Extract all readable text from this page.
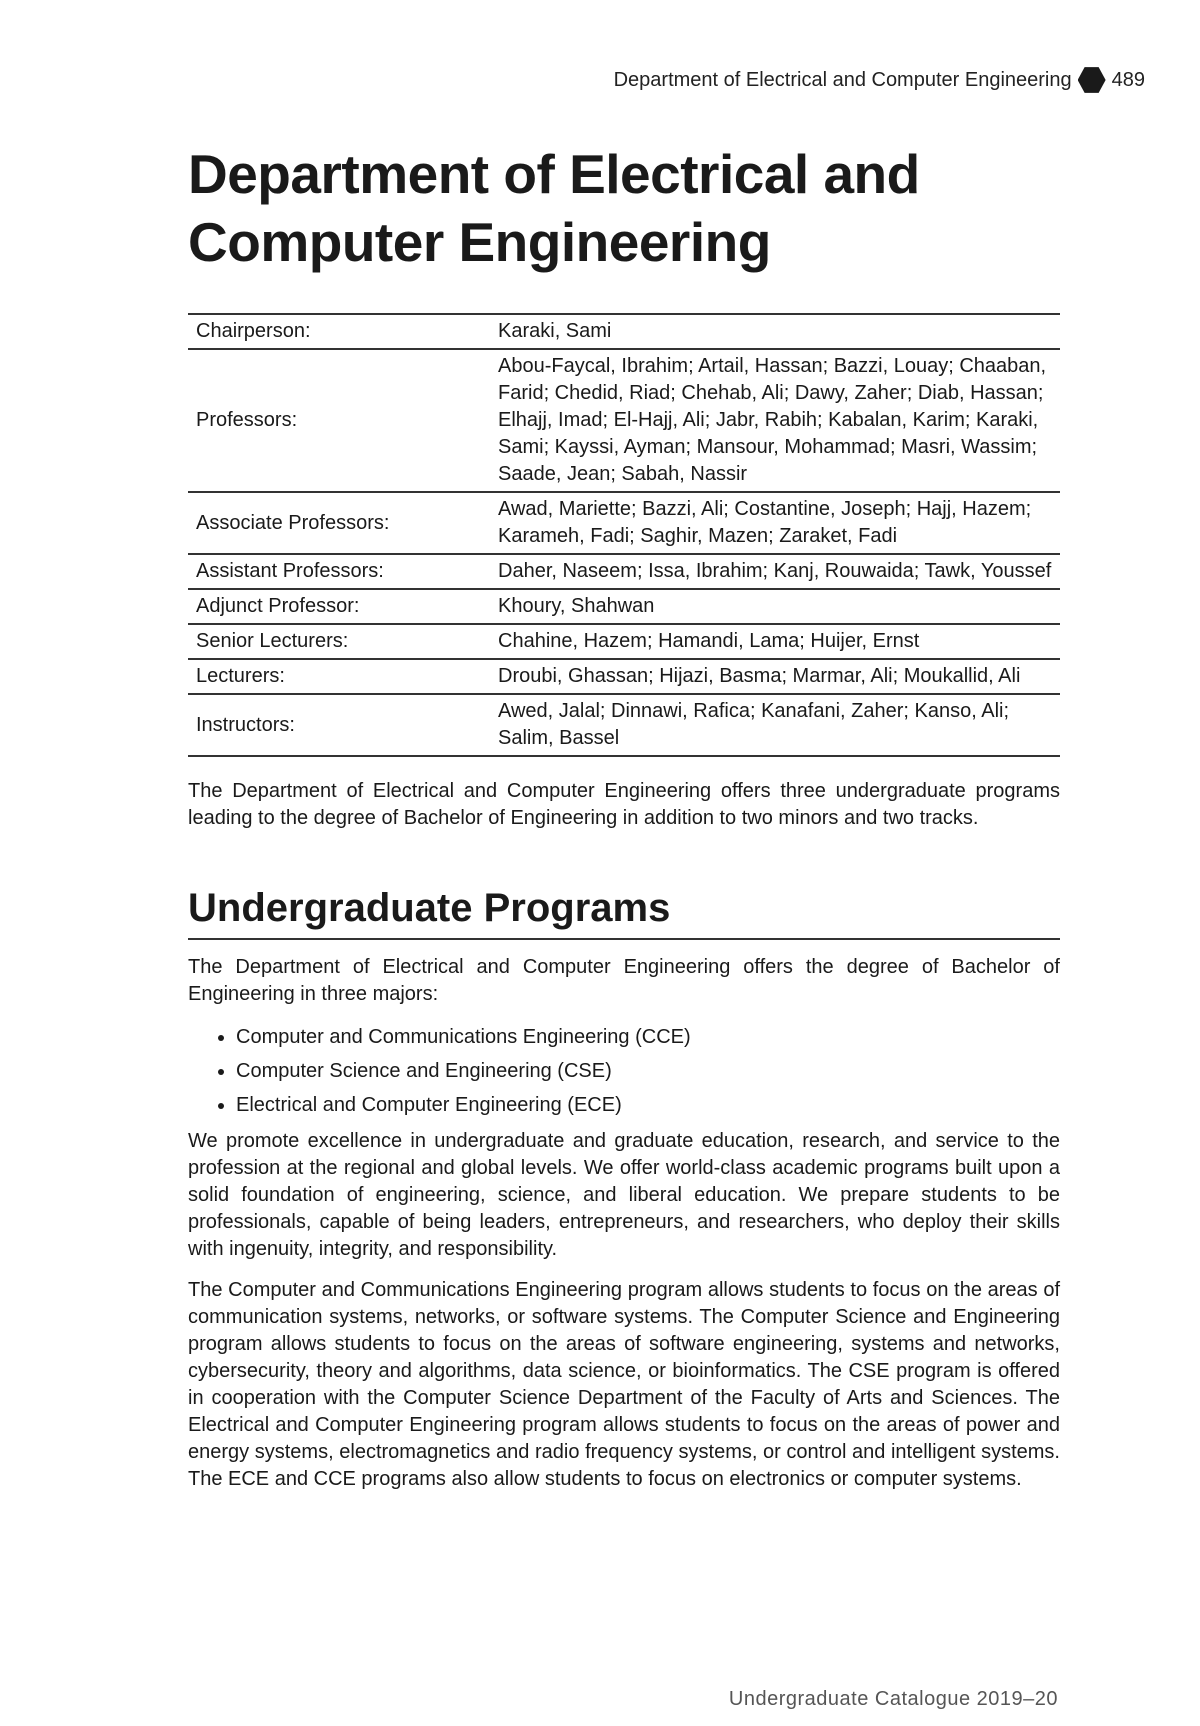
Department of Electrical and Computer Engineering 489
Department of Electrical and
Computer Engineering
Chairperson:	Karaki, Sami
Professors:	Abou-Faycal, Ibrahim; Artail, Hassan; Bazzi, Louay; Chaaban, Farid; Chedid, Riad; Chehab, Ali; Dawy, Zaher; Diab, Hassan; Elhajj, Imad; El-Hajj, Ali; Jabr, Rabih; Kabalan, Karim; Karaki, Sami; Kayssi, Ayman; Mansour, Mohammad; Masri, Wassim; Saade, Jean; Sabah, Nassir
Associate Professors:	Awad, Mariette; Bazzi, Ali; Costantine, Joseph; Hajj, Hazem; Karameh, Fadi; Saghir, Mazen; Zaraket, Fadi
Assistant Professors:	Daher, Naseem; Issa, Ibrahim; Kanj, Rouwaida; Tawk, Youssef
Adjunct Professor:	Khoury, Shahwan
Senior Lecturers:	Chahine, Hazem; Hamandi, Lama; Huijer, Ernst
Lecturers:	Droubi, Ghassan; Hijazi, Basma; Marmar, Ali; Moukallid, Ali
Instructors:	Awed, Jalal; Dinnawi, Rafica; Kanafani, Zaher; Kanso, Ali; Salim, Bassel

The Department of Electrical and Computer Engineering offers three undergraduate programs leading to the degree of Bachelor of Engineering in addition to two minors and two tracks.

Undergraduate Programs

The Department of Electrical and Computer Engineering offers the degree of Bachelor of Engineering in three majors:

• Computer and Communications Engineering (CCE)
• Computer Science and Engineering (CSE)
• Electrical and Computer Engineering (ECE)

We promote excellence in undergraduate and graduate education, research, and service to the profession at the regional and global levels. We offer world-class academic programs built upon a solid foundation of engineering, science, and liberal education. We prepare students to be professionals, capable of being leaders, entrepreneurs, and researchers, who deploy their skills with ingenuity, integrity, and responsibility.

The Computer and Communications Engineering program allows students to focus on the areas of communication systems, networks, or software systems. The Computer Science and Engineering program allows students to focus on the areas of software engineering, systems and networks, cybersecurity, theory and algorithms, data science, or bioinformatics. The CSE program is offered in cooperation with the Computer Science Department of the Faculty of Arts and Sciences. The Electrical and Computer Engineering program allows students to focus on the areas of power and energy systems, electromagnetics and radio frequency systems, or control and intelligent systems. The ECE and CCE programs also allow students to focus on electronics or computer systems.

Undergraduate Catalogue 2019–20
